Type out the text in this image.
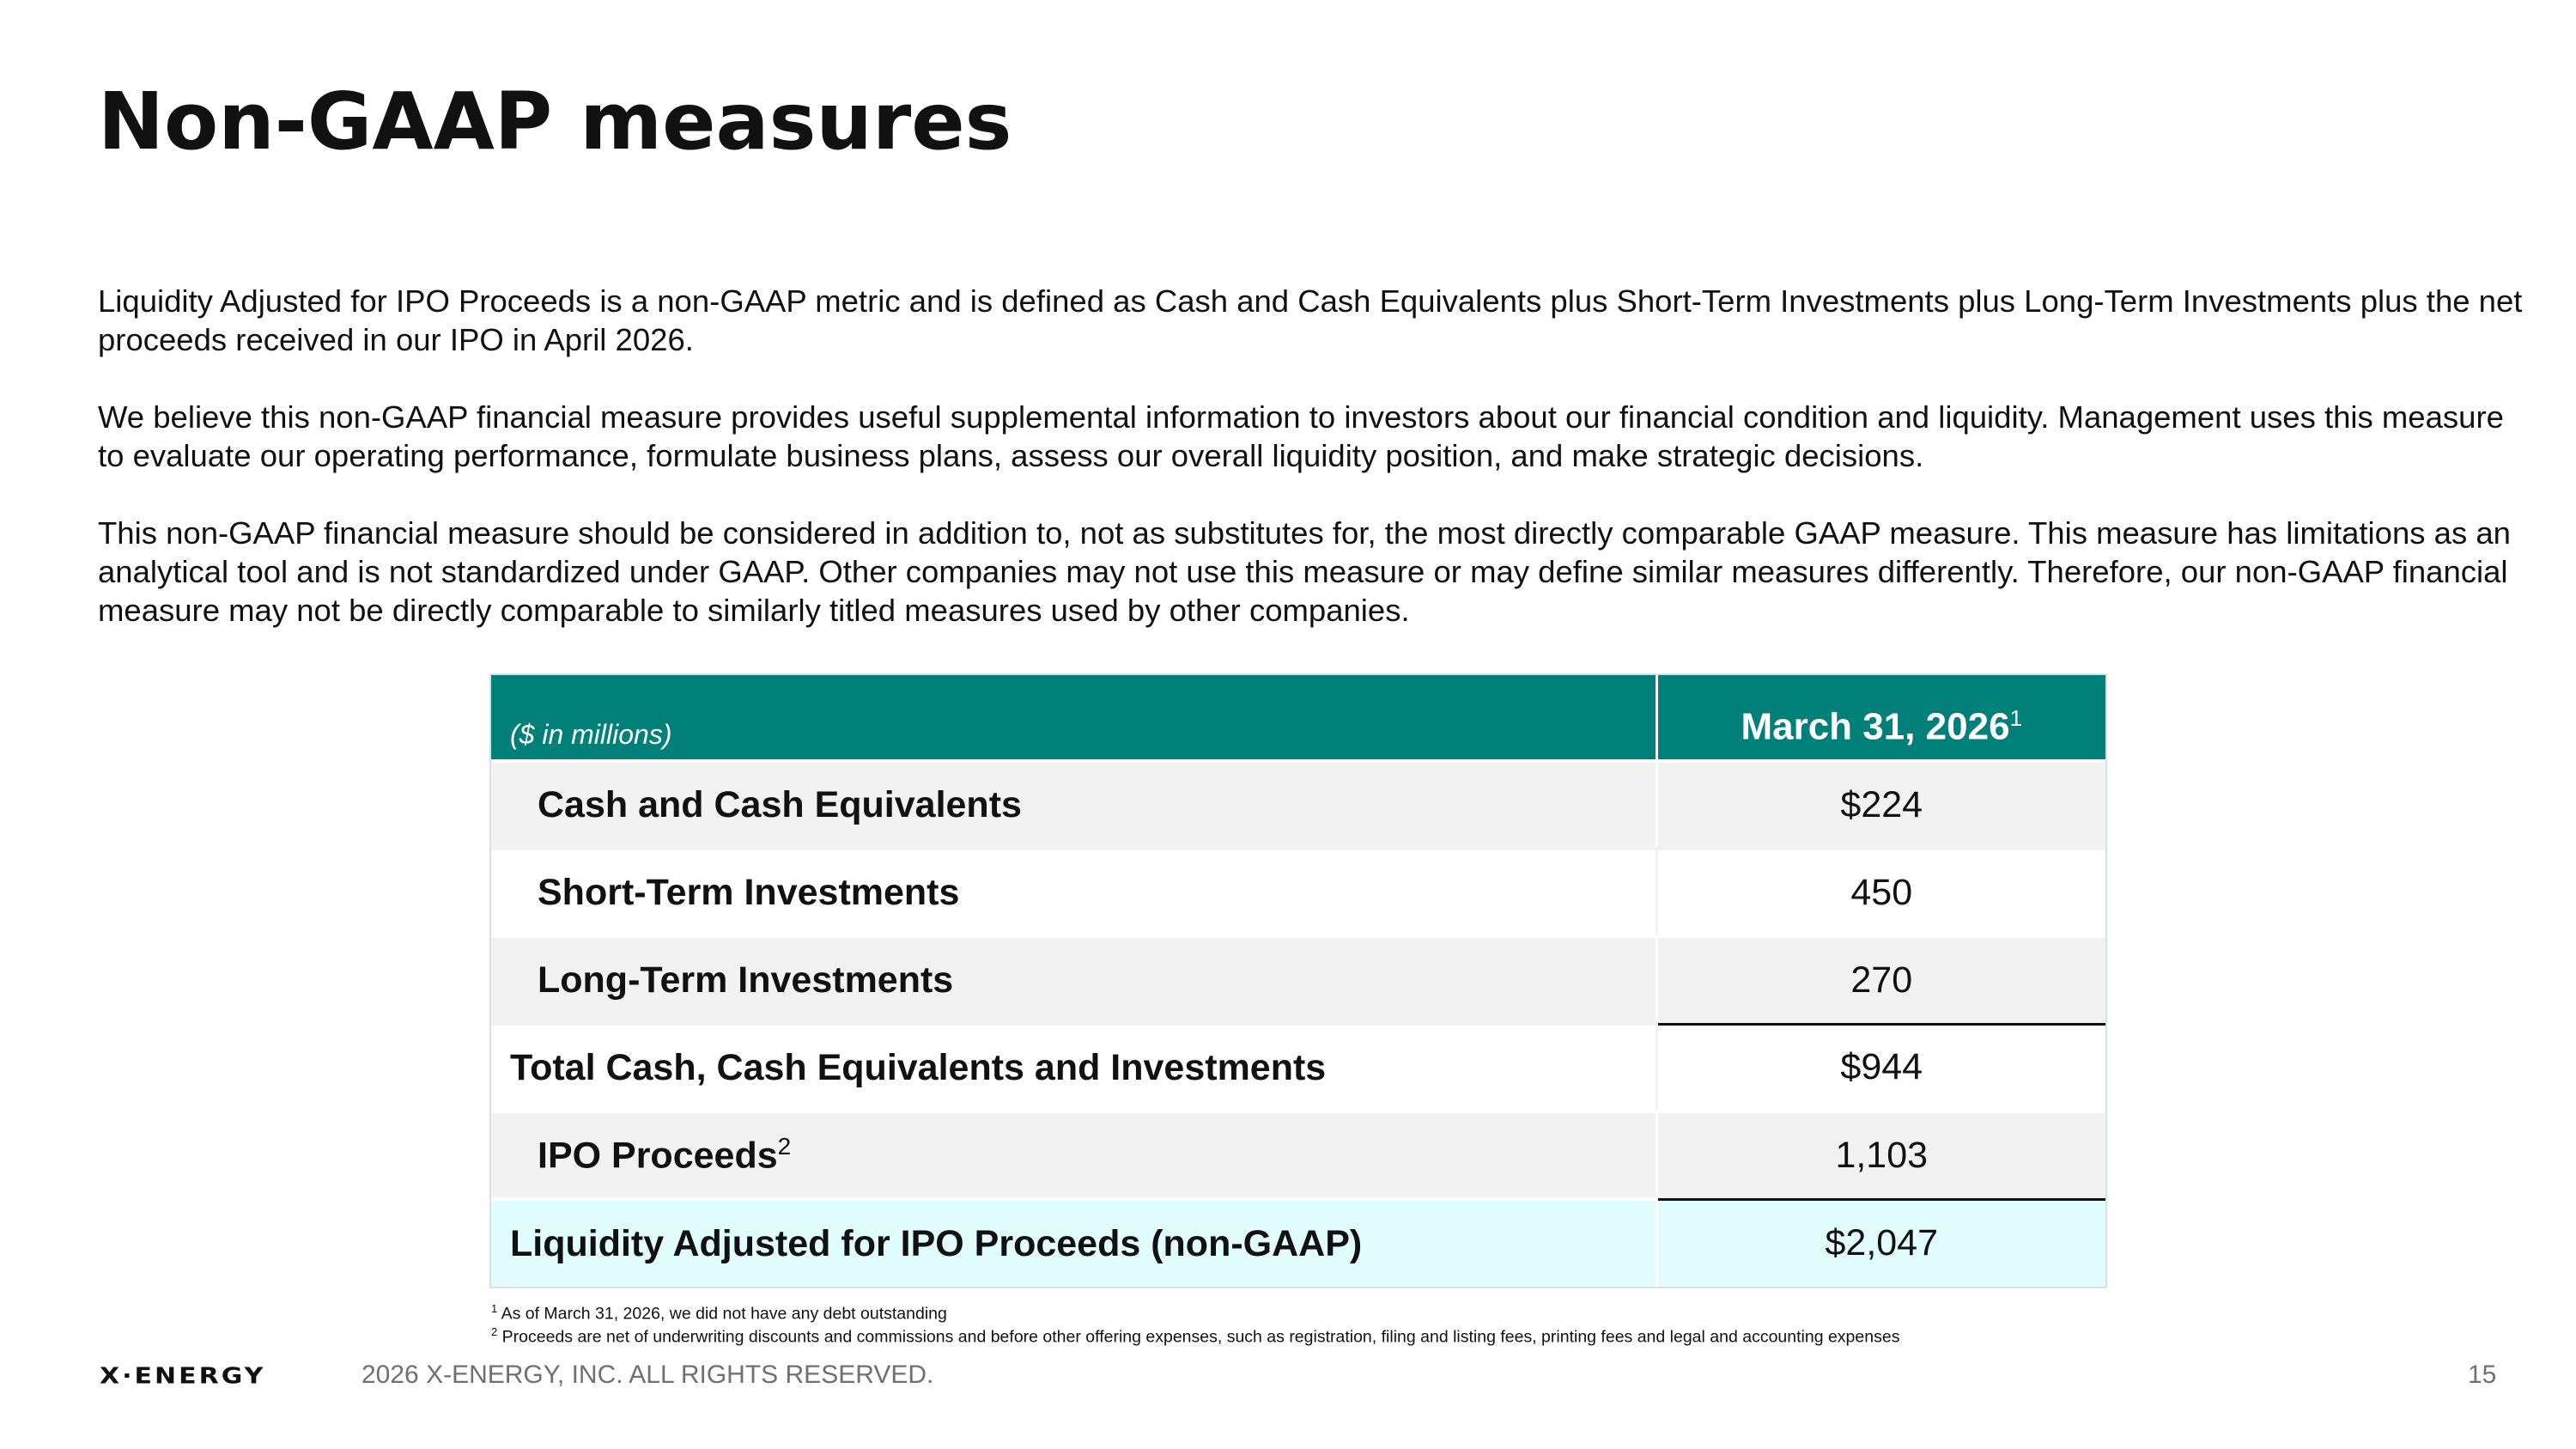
Non-GAAP measures

Liquidity Adjusted for IPO Proceeds is a non-GAAP metric and is defined as Cash and Cash Equivalents plus Short-Term Investments plus Long-Term Investments plus the net proceeds received in our IPO in April 2026.

We believe this non-GAAP financial measure provides useful supplemental information to investors about our financial condition and liquidity. Management uses this measure to evaluate our operating performance, formulate business plans, assess our overall liquidity position, and make strategic decisions.

This non-GAAP financial measure should be considered in addition to, not as substitutes for, the most directly comparable GAAP measure. This measure has limitations as an analytical tool and is not standardized under GAAP. Other companies may not use this measure or may define similar measures differently. Therefore, our non-GAAP financial measure may not be directly comparable to similarly titled measures used by other companies.

($ in millions)	March 31, 2026$^1$
Cash and Cash Equivalents	$224
Short-Term Investments	450
Long-Term Investments	270
Total Cash, Cash Equivalents and Investments	$944
IPO Proceeds$^2$	1,103
Liquidity Adjusted for IPO Proceeds (non-GAAP)	$2,047

$^1$ As of March 31, 2026, we did not have any debt outstanding

$^2$ Proceeds are net of underwriting discounts and commissions and before other offering expenses, such as registration, filing and listing fees, printing fees and legal and accounting expenses

X·ENERGY	2026 X-ENERGY, INC. ALL RIGHTS RESERVED.	15
